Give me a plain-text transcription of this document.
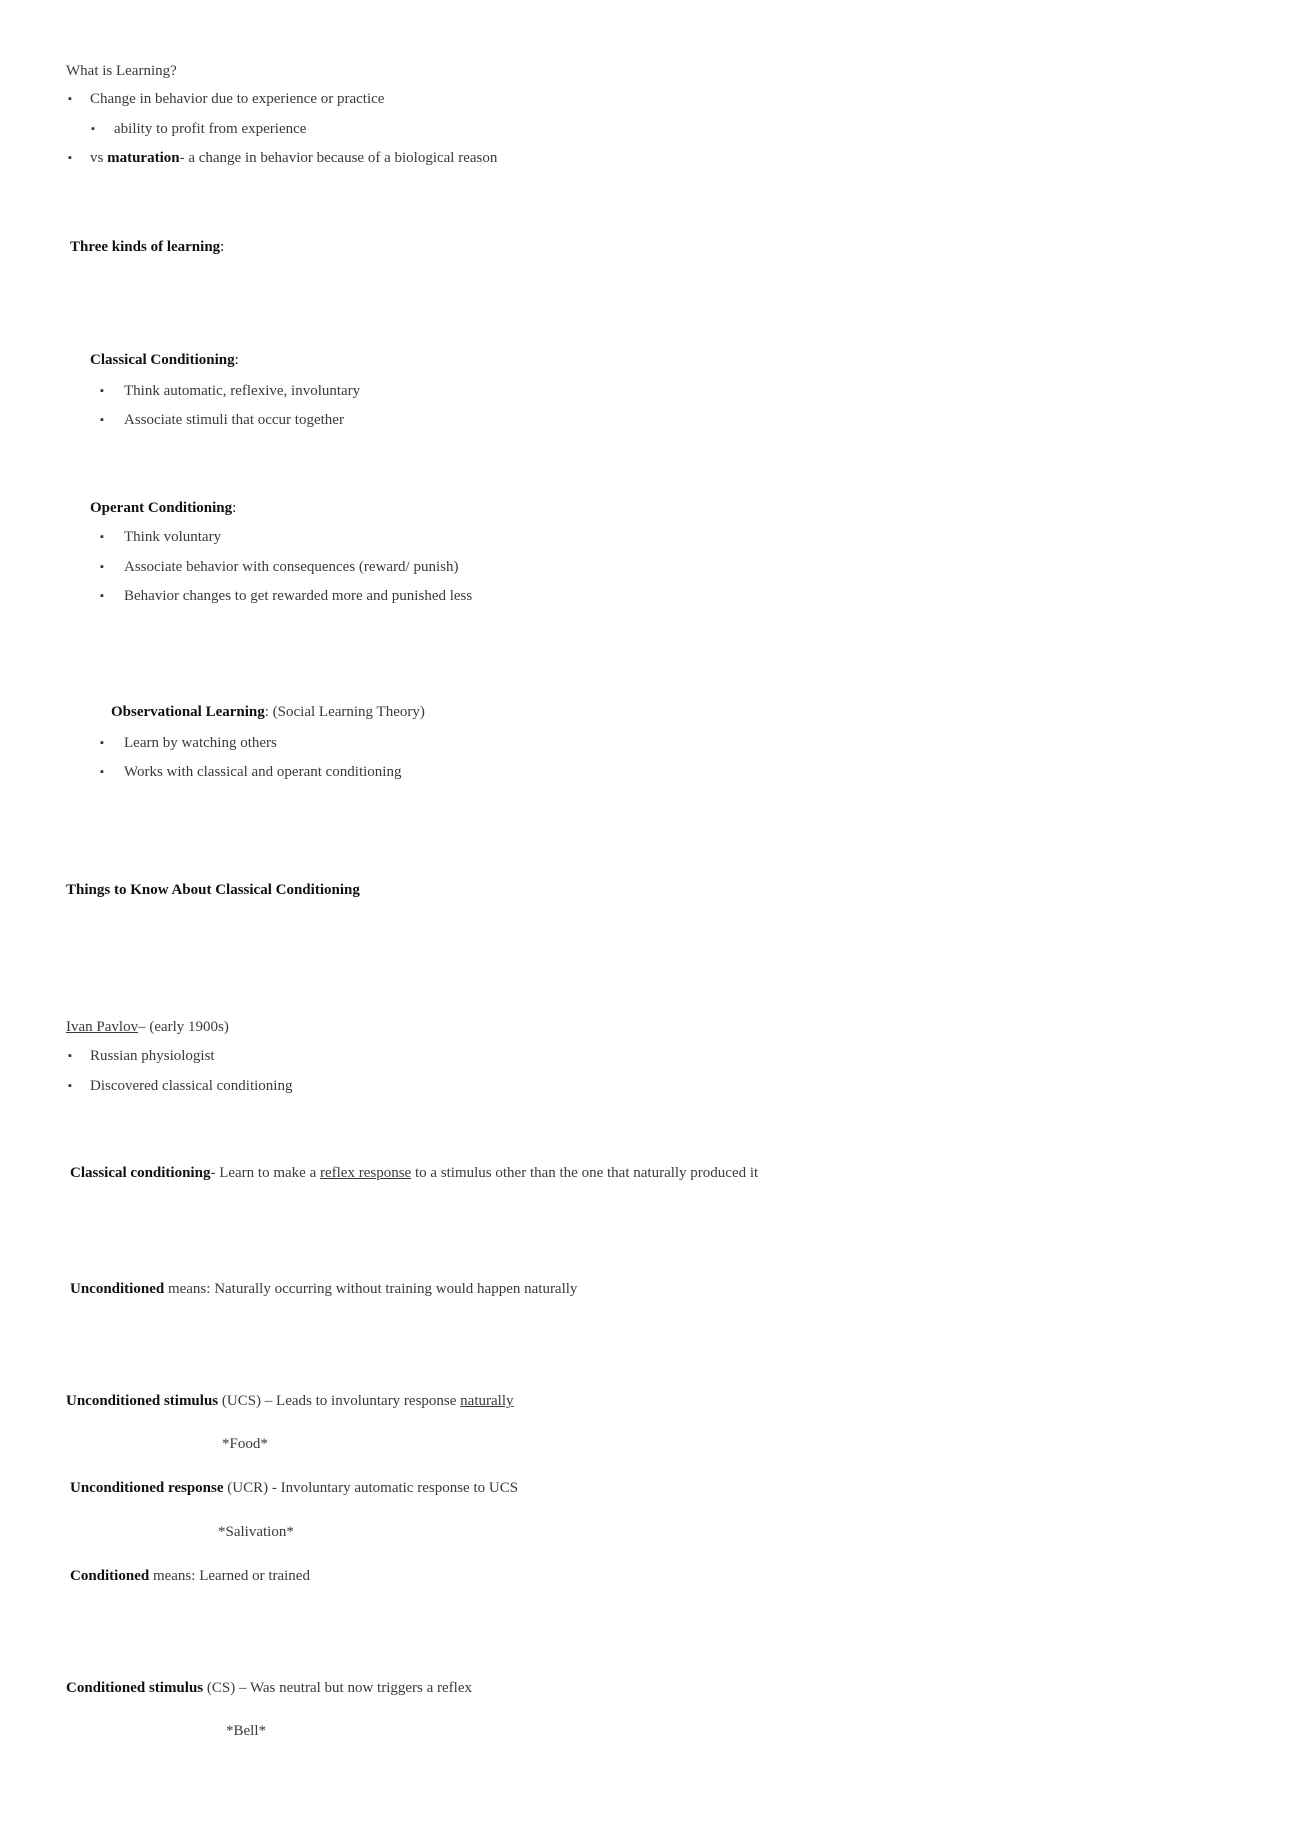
What is Learning?

▪ Change in behavior due to experience or practice

▪ ability to profit from experience

▪ vs maturation- a change in behavior because of a biological reason

Three kinds of learning:

Classical Conditioning:

▪ Think automatic, reflexive, involuntary

▪ Associate stimuli that occur together

Operant Conditioning:

▪ Think voluntary

▪ Associate behavior with consequences (reward/ punish)

▪ Behavior changes to get rewarded more and punished less

Observational Learning: (Social Learning Theory)

▪ Learn by watching others

▪ Works with classical and operant conditioning

Things to Know About Classical Conditioning

Ivan Pavlov– (early 1900s)

▪ Russian physiologist

▪ Discovered classical conditioning

Classical conditioning- Learn to make a reflex response to a stimulus other than the one that naturally produced it

Unconditioned means: Naturally occurring without training would happen naturally

Unconditioned stimulus (UCS) – Leads to involuntary response naturally

*Food*

Unconditioned response (UCR) - Involuntary automatic response to UCS

*Salivation*

Conditioned means: Learned or trained

Conditioned stimulus (CS) – Was neutral but now triggers a reflex

*Bell*
